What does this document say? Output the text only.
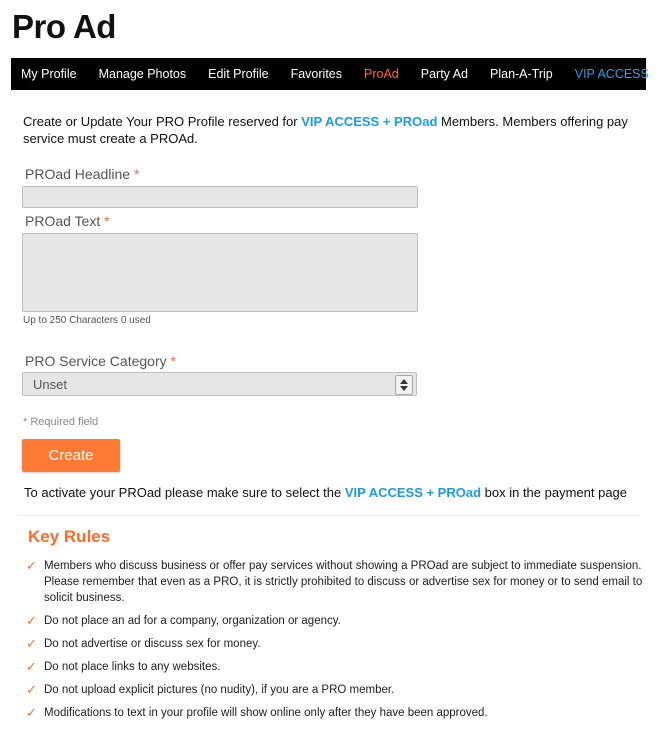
Pro Ad
My Profile	Manage Photos	Edit Profile	Favorites	ProAd	Party Ad	Plan-A-Trip	VIP ACCESS

Create or Update Your PRO Profile reserved for VIP ACCESS + PROad Members. Members offering pay service must create a PROAd.

PROad Headline *
PROad Text *
Up to 250 Characters 0 used
PRO Service Category *
Unset
* Required field
Create

To activate your PROad please make sure to select the VIP ACCESS + PROad box in the payment page

Key Rules
✓ Members who discuss business or offer pay services without showing a PROad are subject to immediate suspension. Please remember that even as a PRO, it is strictly prohibited to discuss or advertise sex for money or to send email to solicit business.
✓ Do not place an ad for a company, organization or agency.
✓ Do not advertise or discuss sex for money.
✓ Do not place links to any websites.
✓ Do not upload explicit pictures (no nudity), if you are a PRO member.
✓ Modifications to text in your profile will show online only after they have been approved.
